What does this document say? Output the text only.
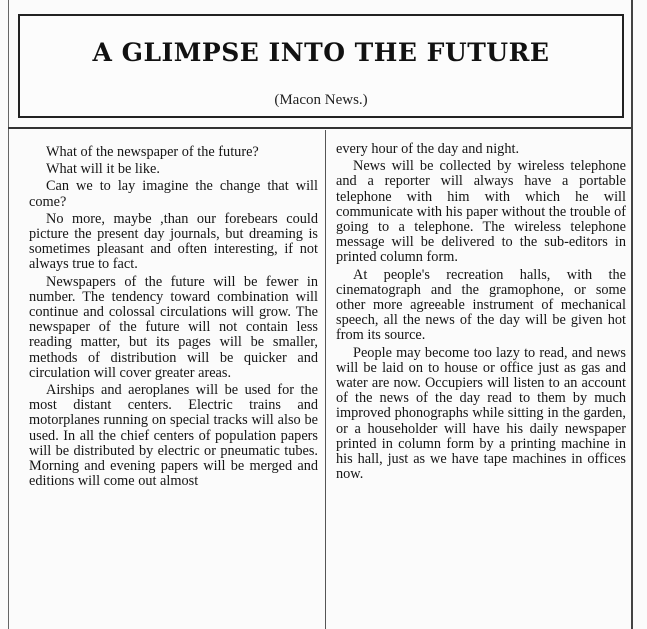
A GLIMPSE INTO THE FUTURE
(Macon News.)

What of the newspaper of the future?

What will it be like.

Can we to lay imagine the change that will come?

No more, maybe ,than our forebears could picture the present day journals, but dreaming is sometimes pleasant and often interesting, if not always true to fact.

Newspapers of the future will be fewer in number. The tendency toward combination will continue and colossal circulations will grow. The newspaper of the future will not contain less reading matter, but its pages will be smaller, methods of distribution will be quicker and circulation will cover greater areas.

Airships and aeroplanes will be used for the most distant centers. Electric trains and motorplanes running on special tracks will also be used. In all the chief centers of population papers will be distributed by electric or pneumatic tubes. Morning and evening papers will be merged and editions will come out almost

every hour of the day and night.

News will be collected by wireless telephone and a reporter will always have a portable telephone with him with which he will communicate with his paper without the trouble of going to a telephone. The wireless telephone message will be delivered to the sub-editors in printed column form.

At people's recreation halls, with the cinematograph and the gramophone, or some other more agreeable instrument of mechanical speech, all the news of the day will be given hot from its source.

People may become too lazy to read, and news will be laid on to house or office just as gas and water are now. Occupiers will listen to an account of the news of the day read to them by much improved phonographs while sitting in the garden, or a householder will have his daily newspaper printed in column form by a printing machine in his hall, just as we have tape machines in offices now.
